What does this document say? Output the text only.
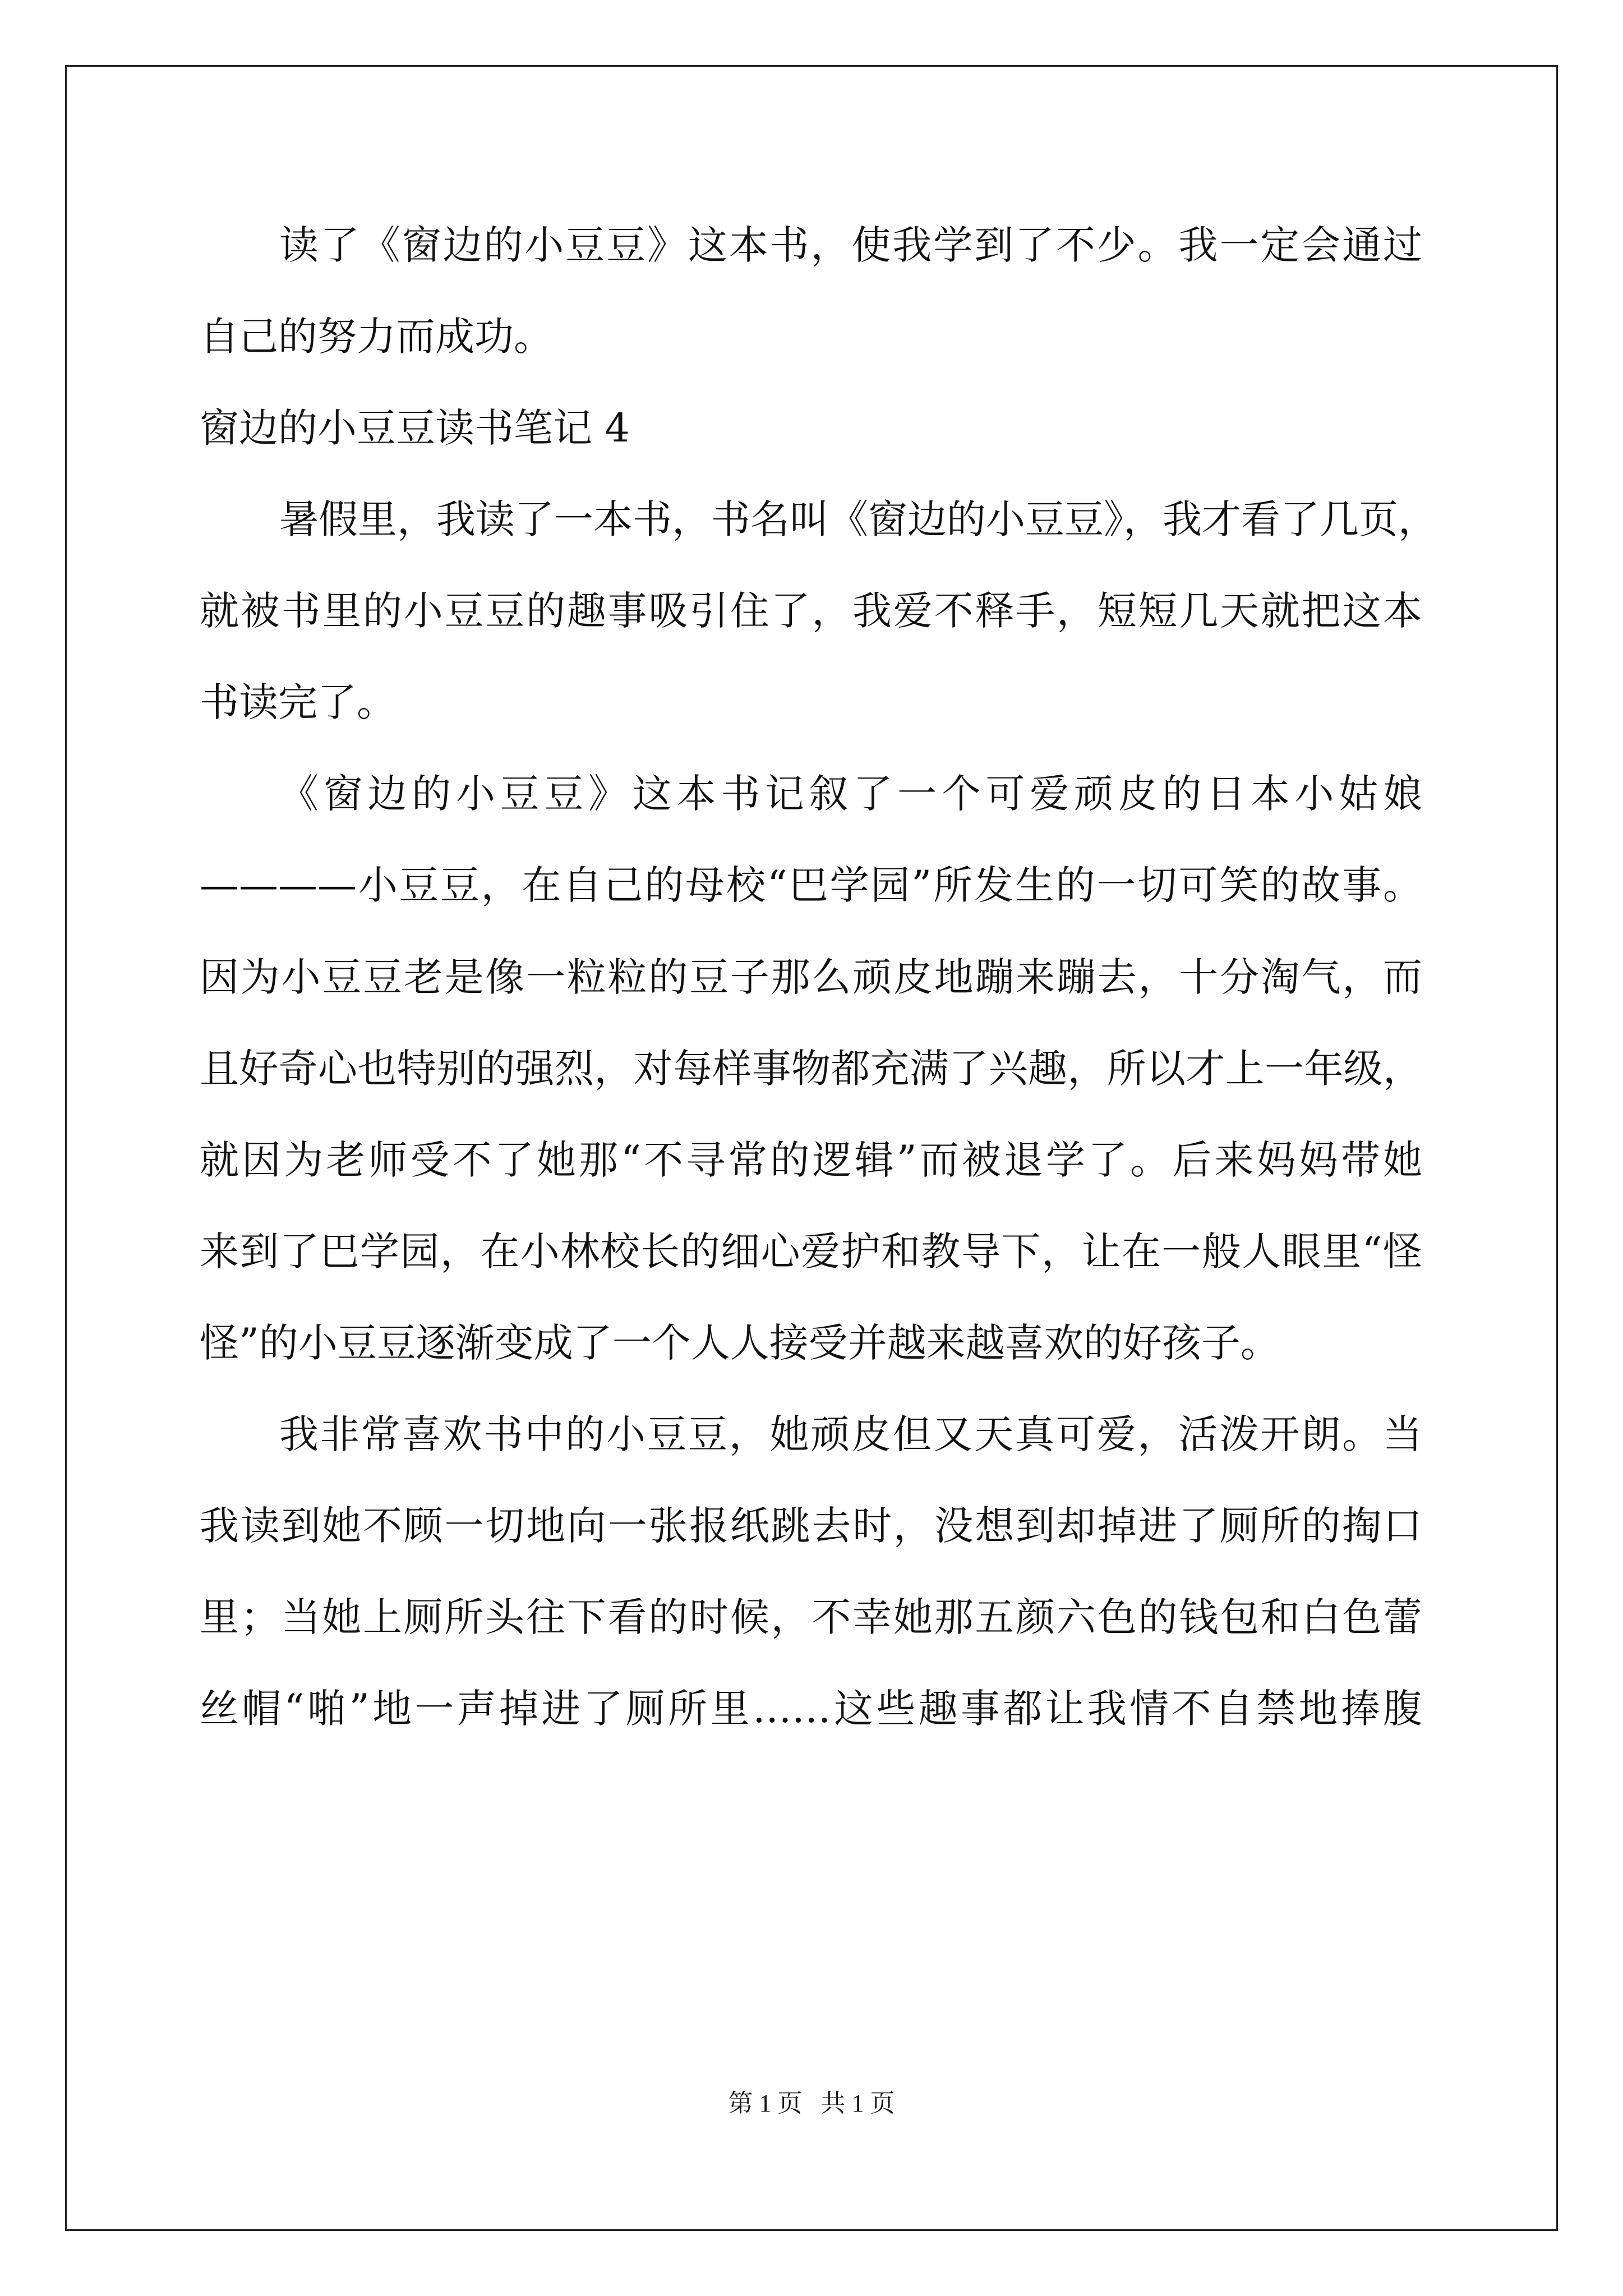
读了《窗边的小豆豆》这本书，使我学到了不少。我一定会通过
自己的努力而成功。
窗边的小豆豆读书笔记 4
暑假里，我读了一本书，书名叫《窗边的小豆豆》，我才看了几页，
就被书里的小豆豆的趣事吸引住了，我爱不释手，短短几天就把这本
书读完了。
《窗边的小豆豆》这本书记叙了一个可爱顽皮的日本小姑娘
————小豆豆，在自己的母校“巴学园”所发生的一切可笑的故事。
因为小豆豆老是像一粒粒的豆子那么顽皮地蹦来蹦去，十分淘气，而
且好奇心也特别的强烈，对每样事物都充满了兴趣，所以才上一年级，
就因为老师受不了她那“不寻常的逻辑”而被退学了。后来妈妈带她
来到了巴学园，在小林校长的细心爱护和教导下，让在一般人眼里“怪
怪”的小豆豆逐渐变成了一个人人接受并越来越喜欢的好孩子。
我非常喜欢书中的小豆豆，她顽皮但又天真可爱，活泼开朗。当
我读到她不顾一切地向一张报纸跳去时，没想到却掉进了厕所的掏口
里；当她上厕所头往下看的时候，不幸她那五颜六色的钱包和白色蕾
丝帽“啪”地一声掉进了厕所里……这些趣事都让我情不自禁地捧腹
第 1 页 共 1 页
